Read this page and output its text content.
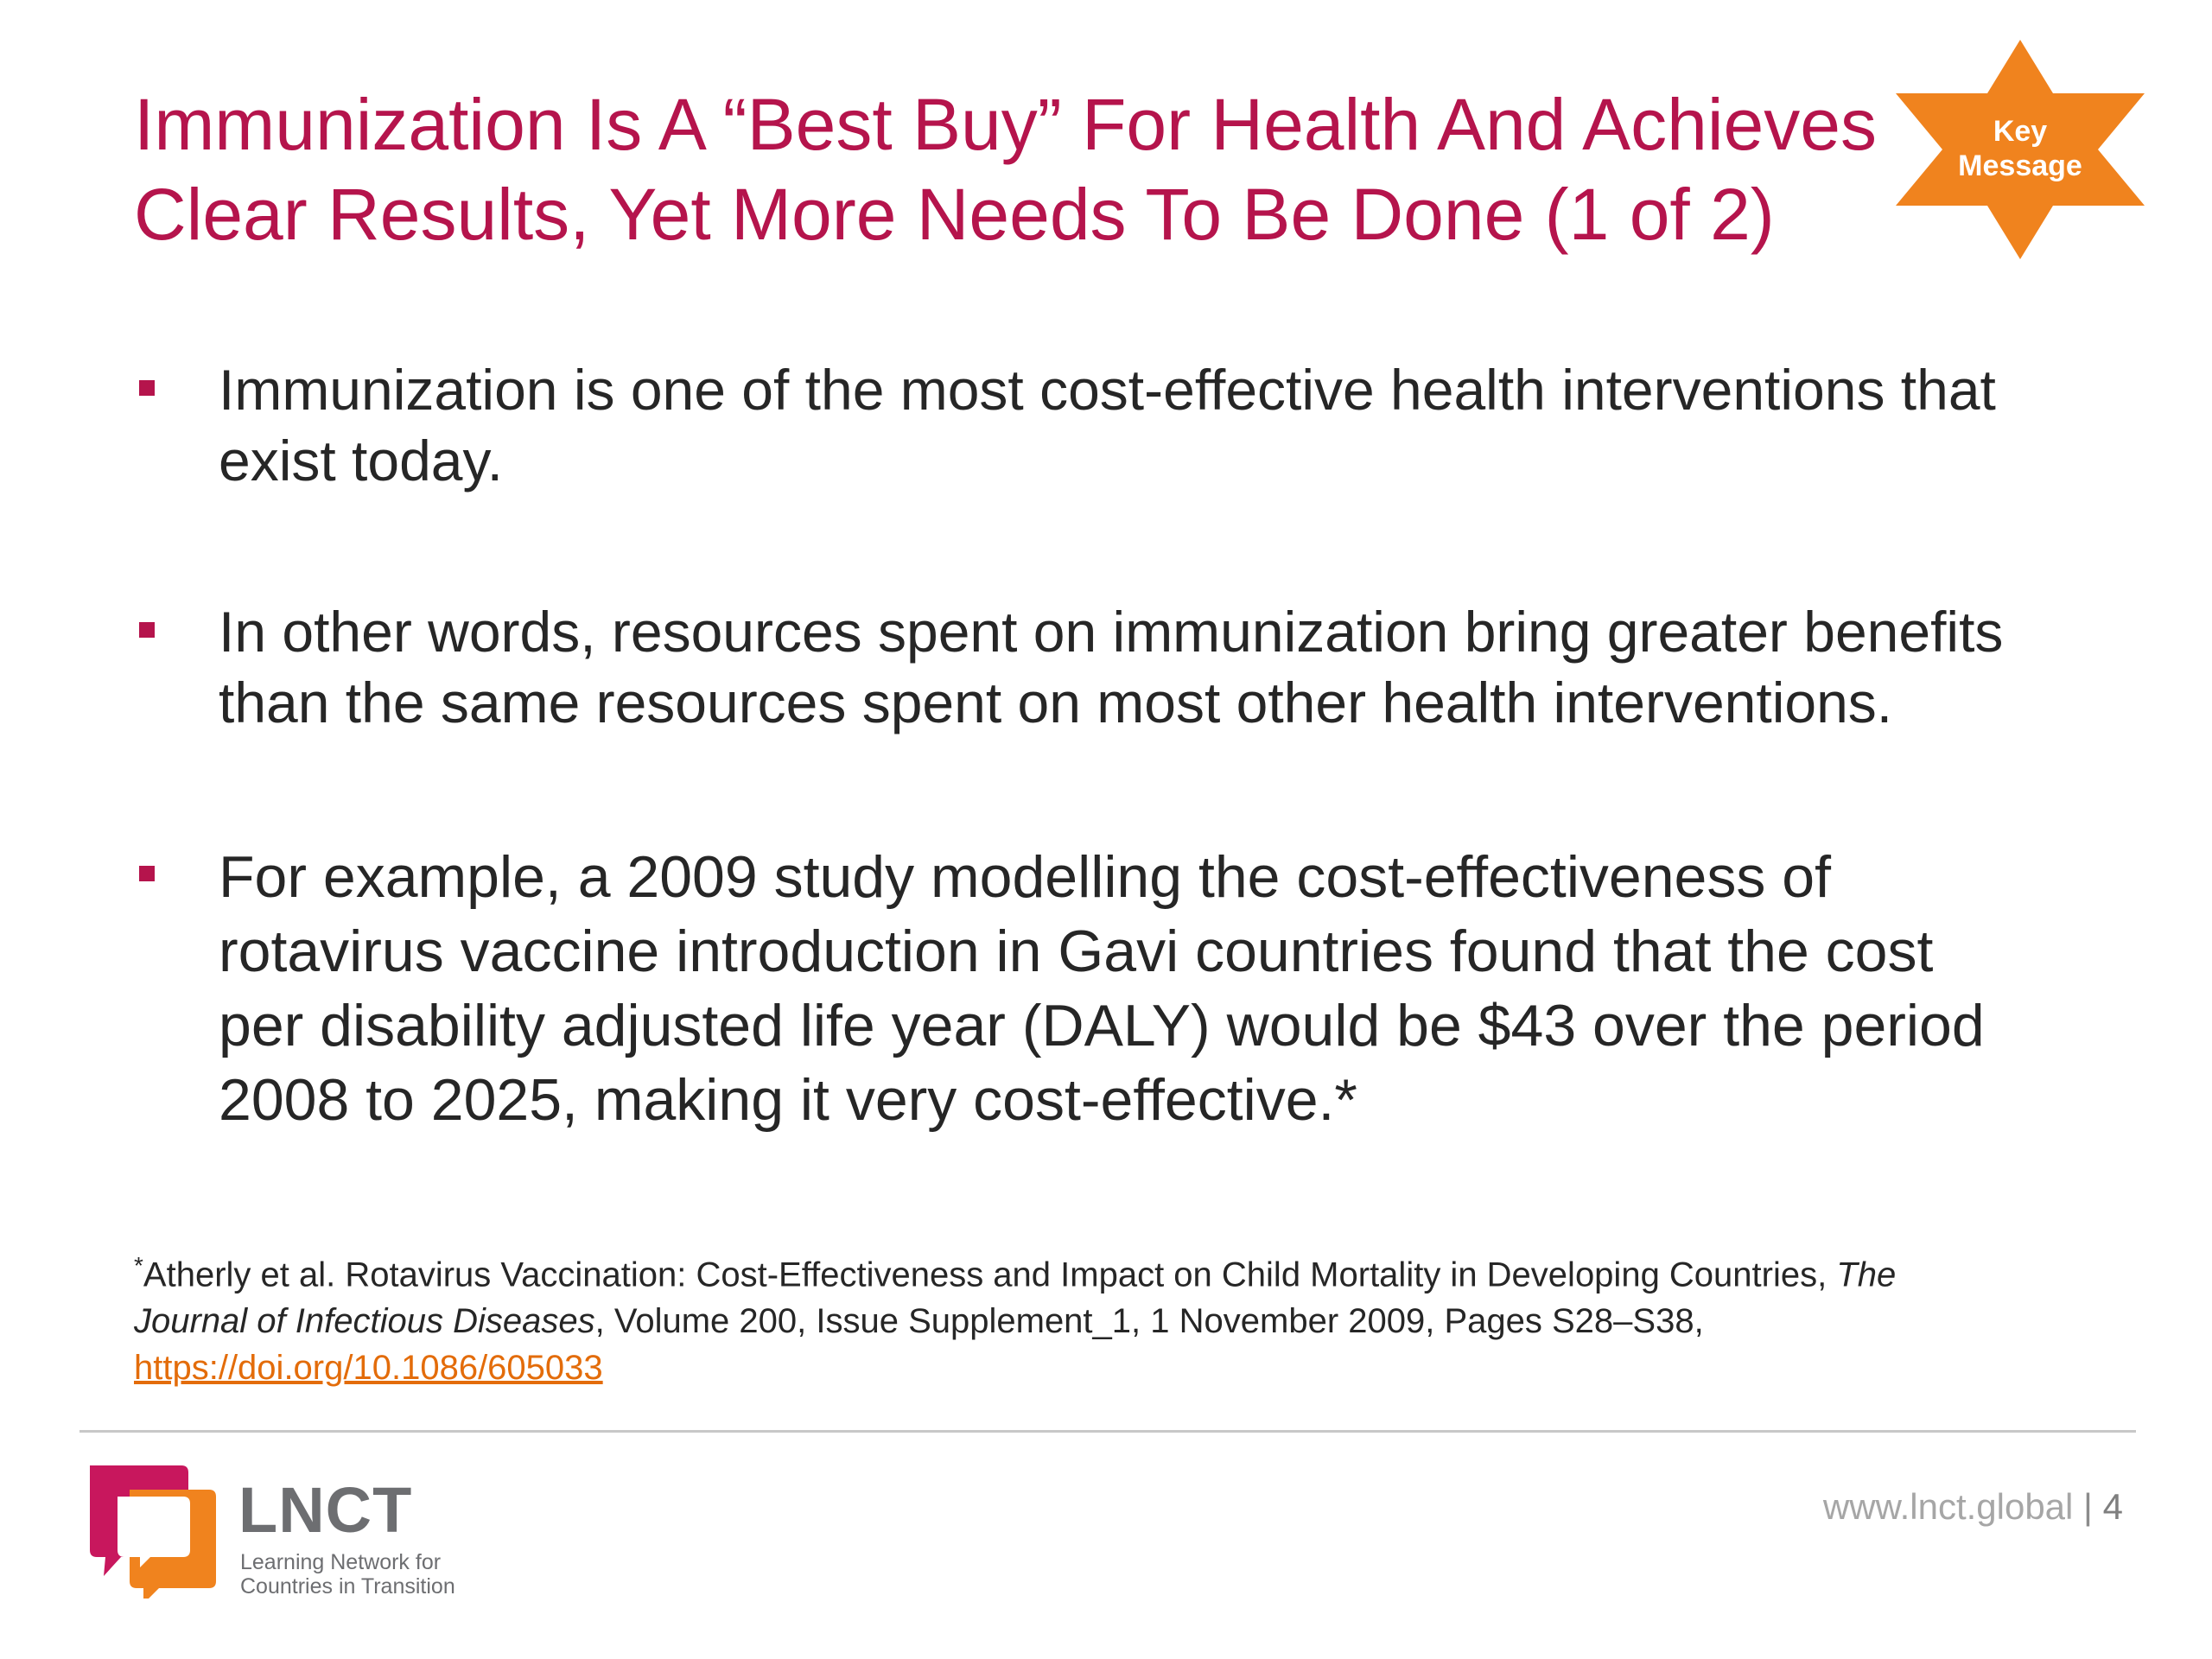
Immunization Is A “Best Buy” For Health And Achieves
Clear Results, Yet More Needs To Be Done (1 of 2)
Key
Message
Immunization is one of the most cost-effective health interventions that
exist today.
In other words, resources spent on immunization bring greater benefits
than the same resources spent on most other health interventions.
For example, a 2009 study modelling the cost-effectiveness of
rotavirus vaccine introduction in Gavi countries found that the cost
per disability adjusted life year (DALY) would be $43 over the period
2008 to 2025, making it very cost-effective.*
*Atherly et al. Rotavirus Vaccination: Cost-Effectiveness and Impact on Child Mortality in Developing Countries, The
Journal of Infectious Diseases, Volume 200, Issue Supplement_1, 1 November 2009, Pages S28–S38,
https://doi.org/10.1086/605033
LNCT
Learning Network for
Countries in Transition
www.lnct.global | 4
